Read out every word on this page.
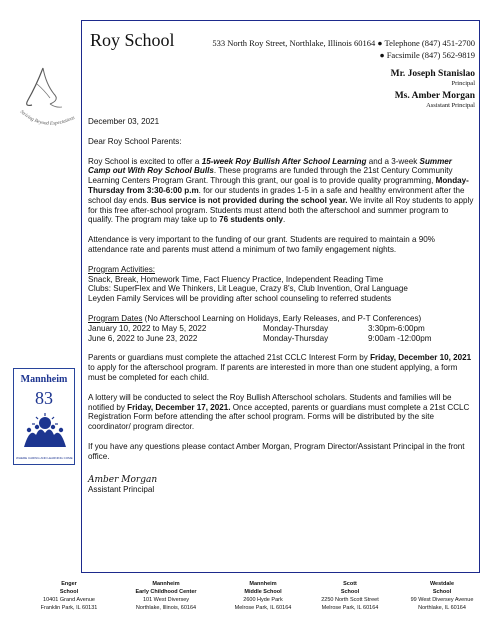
Roy School	533 North Roy Street, Northlake, Illinois 60164 ● Telephone (847) 451-2700
● Facsimile (847) 562-9819
Mr. Joseph Stanislao
Principal
Ms. Amber Morgan
Assistant Principal
Striving Beyond Expectations December 03, 2021

Dear Roy School Parents:

Roy School is excited to offer a 15-week Roy Bullish After School Learning and a 3-week Summer Camp out With Roy School Bulls. These programs are funded through the 21st Century Community Learning Centers Program Grant. Through this grant, our goal is to provide quality programming, Monday-Thursday from 3:30-6:00 p.m. for our students in grades 1-5 in a safe and healthy environment after the school day ends. Bus service is not provided during the school year. We invite all Roy students to apply for this free after-school program. Students must attend both the afterschool and summer program to qualify. The program may take up to 76 students only.

Attendance is very important to the funding of our grant. Students are required to maintain a 90% attendance rate and parents must attend a minimum of two family engagement nights.

Program Activities:
Snack, Break, Homework Time, Fact Fluency Practice, Independent Reading Time
Clubs: SuperFlex and We Thinkers, Lit League, Crazy 8’s, Club Invention, Oral Language
Leyden Family Services will be providing after school counseling to referred students

Program Dates (No Afterschool Learning on Holidays, Early Releases, and P-T Conferences)

January 10, 2022 to May 5, 2022	Monday-Thursday	3:30pm-6:00pm
June 6, 2022 to June 23, 2022	Monday-Thursday	9:00am -12:00pm

Parents or guardians must complete the attached 21st CCLC Interest Form by Friday, December 10, 2021 to apply for the afterschool program. If parents are interested in more than one student applying, a form must be completed for each child.

A lottery will be conducted to select the Roy Bullish Afterschool scholars. Students and families will be notified by Friday, December 17, 2021. Once accepted, parents or guardians must complete a 21st CCLC Registration Form before attending the after school program. Forms will be distributed by the site coordinator/ program director.

If you have any questions please contact Amber Morgan, Program Director/Assistant Principal in the front office.

Amber Morgan
Assistant Principal
Mannheim
83
WHERE CARING AND LEARNING COME
Enger
School
10401 Grand Avenue
Franklin Park, IL 60131
Mannheim
Early Childhood Center
101 West Diversey
Northlake, Illinois, 60164
Mannheim
Middle School
2600 Hyde Park
Melrose Park, IL 60164
Scott
School
2250 North Scott Street
Melrose Park, IL 60164
Westdale
School
99 West Diversey Avenue
Northlake, IL 60164
